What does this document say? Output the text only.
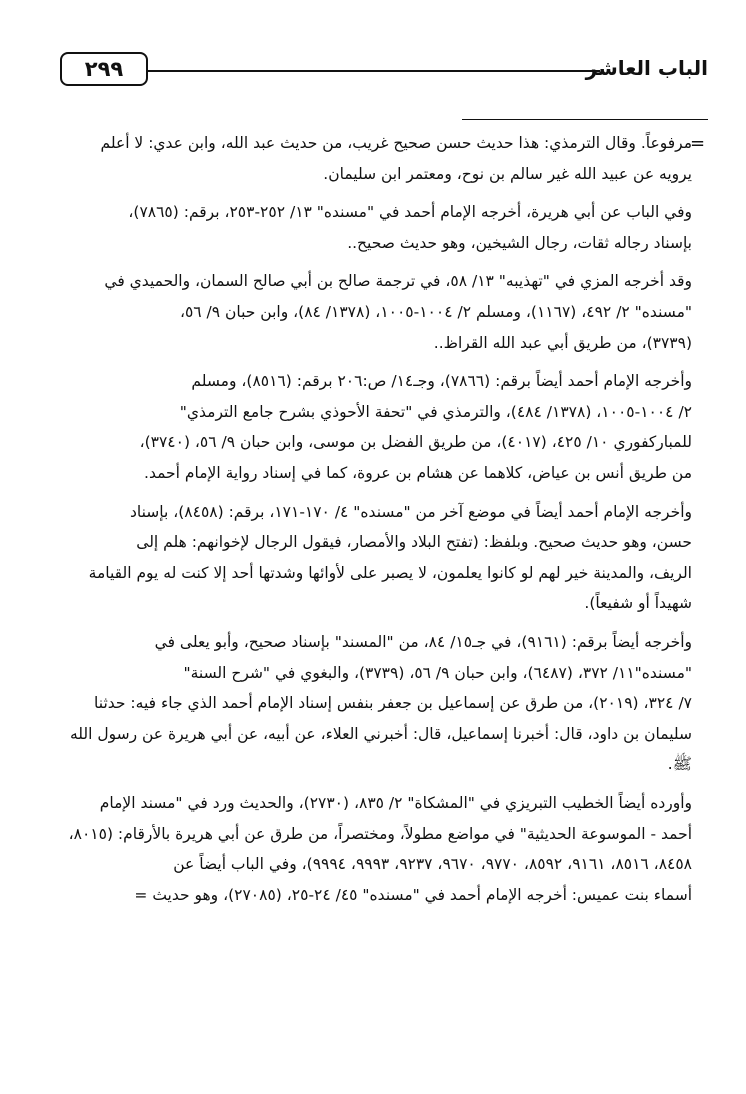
الباب العاشر
٢٩٩
=

مرفوعاً. وقال الترمذي: هذا حديث حسن صحيح غريب، من حديث عبد الله، وابن عدي: لا أعلم
يرويه عن عبيد الله غير سالم بن نوح، ومعتمر ابن سليمان.

وفي الباب عن أبي هريرة، أخرجه الإمام أحمد في "مسنده" ١٣/ ٢٥٢-٢٥٣، برقم: (٧٨٦٥)،
بإسناد رجاله ثقات، رجال الشيخين، وهو حديث صحيح..

وقد أخرجه المزي في "تهذيبه" ١٣/ ٥٨، في ترجمة صالح بن أبي صالح السمان، والحميدي في
"مسنده" ٢/ ٤٩٢، (١١٦٧)، ومسلم ٢/ ١٠٠٤-١٠٠٥، (١٣٧٨/ ٨٤)، وابن حبان ٩/ ٥٦،
(٣٧٣٩)، من طريق أبي عبد الله القراظ..

وأخرجه الإمام أحمد أيضاً برقم: (٧٨٦٦)، وجـ١٤/ ص:٢٠٦ برقم: (٨٥١٦)، ومسلم
٢/ ١٠٠٤-١٠٠٥، (١٣٧٨/ ٤٨٤)، والترمذي في "تحفة الأحوذي بشرح جامع الترمذي"
للمباركفوري ١٠/ ٤٢٥، (٤٠١٧)، من طريق الفضل بن موسى، وابن حبان ٩/ ٥٦، (٣٧٤٠)،
من طريق أنس بن عياض، كلاهما عن هشام بن عروة، كما في إسناد رواية الإمام أحمد.

وأخرجه الإمام أحمد أيضاً في موضع آخر من "مسنده" ٤/ ١٧٠-١٧١، برقم: (٨٤٥٨)، بإسناد
حسن، وهو حديث صحيح. وبلفظ: (تفتح البلاد والأمصار، فيقول الرجال لإخوانهم: هلم إلى
الريف، والمدينة خير لهم لو كانوا يعلمون، لا يصبر على لأوائها وشدتها أحد إلا كنت له يوم القيامة
شهيداً أو شفيعاً).

وأخرجه أيضاً برقم: (٩١٦١)، في جـ١٥/ ٨٤، من "المسند" بإسناد صحيح، وأبو يعلى في
"مسنده"١١/ ٣٧٢، (٦٤٨٧)، وابن حبان ٩/ ٥٦، (٣٧٣٩)، والبغوي في "شرح السنة"
٧/ ٣٢٤، (٢٠١٩)، من طرق عن إسماعيل بن جعفر بنفس إسناد الإمام أحمد الذي جاء فيه: حدثنا
سليمان بن داود، قال: أخبرنا إسماعيل، قال: أخبرني العلاء، عن أبيه، عن أبي هريرة عن رسول الله
ﷺ.

وأورده أيضاً الخطيب التبريزي في "المشكاة" ٢/ ٨٣٥، (٢٧٣٠)، والحديث ورد في "مسند الإمام
أحمد - الموسوعة الحديثية" في مواضع مطولاً، ومختصراً، من طرق عن أبي هريرة بالأرقام: (٨٠١٥،
٨٤٥٨، ٨٥١٦، ٩١٦١، ٨٥٩٢، ٩٧٧٠، ٩٦٧٠، ٩٢٣٧، ٩٩٩٣، ٩٩٩٤)، وفي الباب أيضاً عن
أسماء بنت عميس: أخرجه الإمام أحمد في "مسنده" ٤٥/ ٢٤-٢٥، (٢٧٠٨٥)، وهو حديث =
